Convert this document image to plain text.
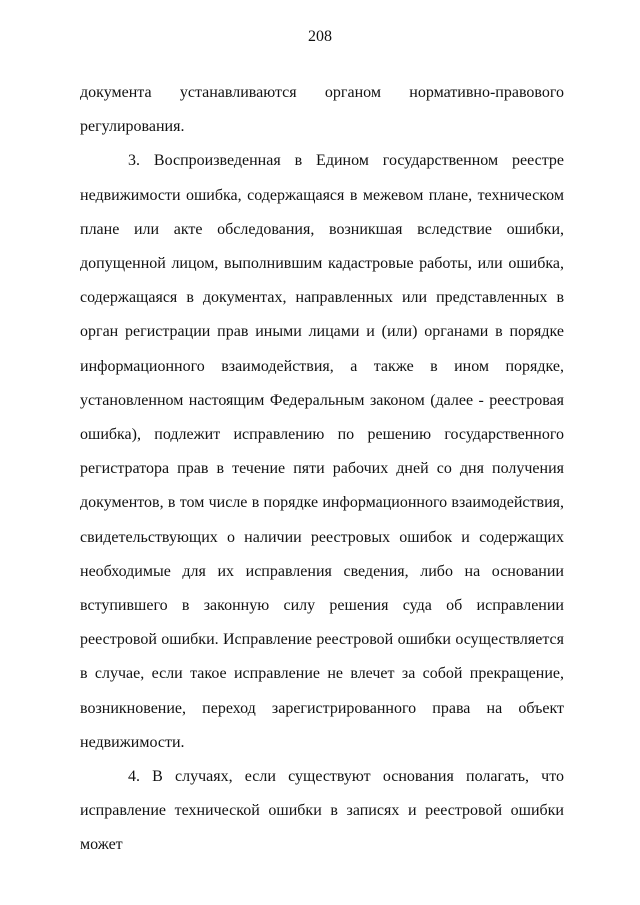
208

документа устанавливаются органом нормативно-правового регулирования.

3. Воспроизведенная в Едином государственном реестре недвижимости ошибка, содержащаяся в межевом плане, техническом плане или акте обследования, возникшая вследствие ошибки, допущенной лицом, выполнившим кадастровые работы, или ошибка, содержащаяся в документах, направленных или представленных в орган регистрации прав иными лицами и (или) органами в порядке информационного взаимодействия, а также в ином порядке, установленном настоящим Федеральным законом (далее - реестровая ошибка), подлежит исправлению по решению государственного регистратора прав в течение пяти рабочих дней со дня получения документов, в том числе в порядке информационного взаимодействия, свидетельствующих о наличии реестровых ошибок и содержащих необходимые для их исправления сведения, либо на основании вступившего в законную силу решения суда об исправлении реестровой ошибки. Исправление реестровой ошибки осуществляется в случае, если такое исправление не влечет за собой прекращение, возникновение, переход зарегистрированного права на объект недвижимости.

4. В случаях, если существуют основания полагать, что исправление технической ошибки в записях и реестровой ошибки может
